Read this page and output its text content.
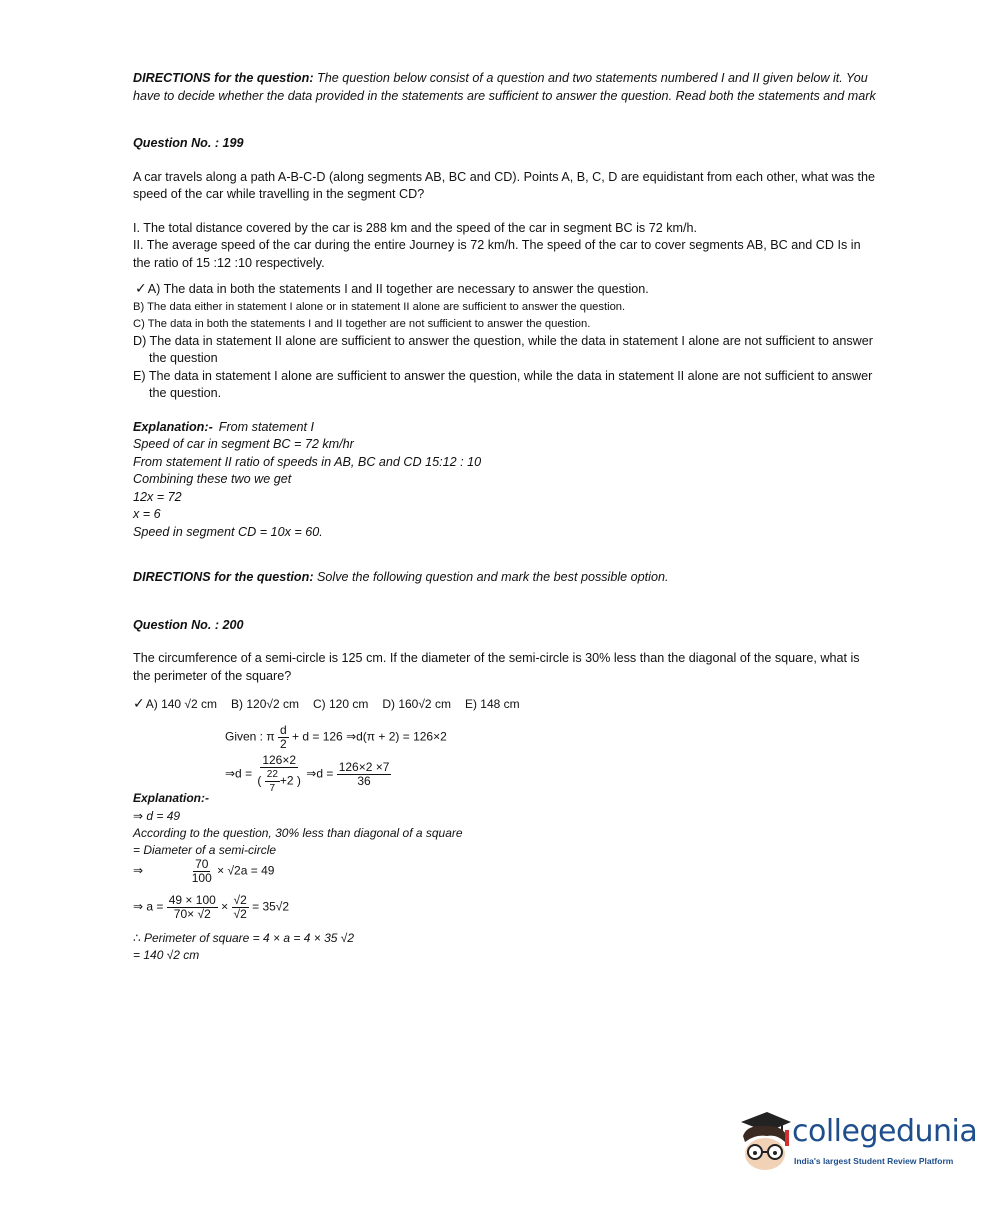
DIRECTIONS for the question: The question below consist of a question and two statements numbered I and II given below it. You have to decide whether the data provided in the statements are sufficient to answer the question. Read both the statements and mark
Question No. : 199
A car travels along a path A-B-C-D (along segments AB, BC and CD). Points A, B, C, D are equidistant from each other, what was the speed of the car while travelling in the segment CD?
I. The total distance covered by the car is 288 km and the speed of the car in segment BC is 72 km/h.
II. The average speed of the car during the entire Journey is 72 km/h. The speed of the car to cover segments AB, BC and CD Is in the ratio of 15 :12 :10 respectively.
✓A) The data in both the statements I and II together are necessary to answer the question.
B) The data either in statement I alone or in statement II alone are sufficient to answer the question.
C) The data in both the statements I and II together are not sufficient to answer the question.
D) The data in statement II alone are sufficient to answer the question, while the data in statement I alone are not sufficient to answer the question
E) The data in statement I alone are sufficient to answer the question, while the data in statement II alone are not sufficient to answer the question.
Explanation:- From statement I
Speed of car in segment BC = 72 km/hr
From statement II ratio of speeds in AB, BC and CD 15:12 : 10
Combining these two we get
12x = 72
x = 6
Speed in segment CD = 10x = 60.
DIRECTIONS for the question: Solve the following question and mark the best possible option.
Question No. : 200
The circumference of a semi-circle is 125 cm. If the diameter of the semi-circle is 30% less than the diagonal of the square, what is the perimeter of the square?
✓A) 140 √2 cm B) 120√2 cm C) 120 cm D) 160√2 cm E) 148 cm
Given : π $\frac{d}{2} + d = 126$ ⇒d(π + 2) = 126×2
⇒d = $\frac{126\times 2}{( \frac{22}{7} +2 )}$ ⇒d = $\frac{126\times 2 \times 7}{36}$
Explanation:-
⇒ d = 49
According to the question, 30% less than diagonal of a square
= Diameter of a semi-circle
⇒	$\frac{70}{100} \times √2a = 49$
⇒ $a = \frac{49 \times 100}{70\times √2} \times \frac{√2}{√2} = 35√2$
∴ Perimeter of square = 4 × a = 4 × 35 √2
= 140 √2 cm
collegedunia
India's largest Student Review Platform
